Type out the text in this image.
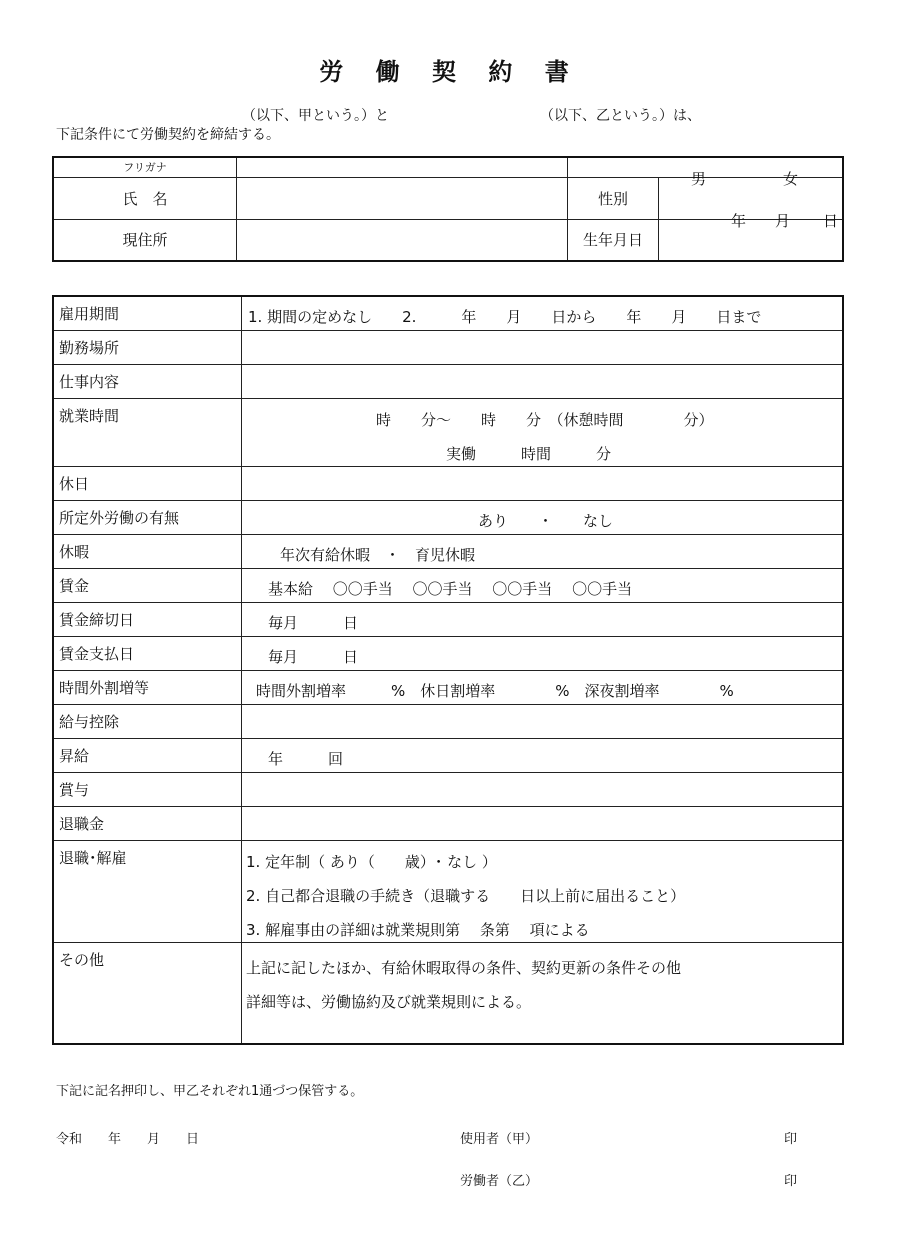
労 働 契 約 書
（以下、甲という。）と	（以下、乙という。）は、
下記条件にて労働契約を締結する。
フリガナ			
氏　名		性別	男 女

現住所		生年月日	年 月 日
雇用期間	1. 期間の定めなし　　2.　　　年　　月　　日から　　年　　月　　日まで

勤務場所	
仕事内容	
就業時間	時　　分～　　時　　分　（休憩時間　　　　分）
実働　　　時間　　　分

休日	
所定外労働の有無	あり　　・　　なし

休暇	年次有給休暇　・　育児休暇

賃金	基本給　 〇〇手当　 〇〇手当　 〇〇手当　 〇〇手当

賃金締切日	毎月　　　日

賃金支払日	毎月　　　日

時間外割増等	時間外割増率　　　%　休日割増率　　　　%　深夜割増率　　　　%

給与控除	
昇給	年　　　回

賞与	
退職金	
退職･解雇	1. 定年制（ あり（　　歳）･ なし ）
2. 自己都合退職の手続き（退職する　　日以上前に届出ること）
3. 解雇事由の詳細は就業規則第　 条第　 項による

その他	上記に記したほか、有給休暇取得の条件、契約更新の条件その他
詳細等は、労働協約及び就業規則による。
下記に記名押印し、甲乙それぞれ1通づつ保管する。
令和　　年　　月　　日	使用者（甲）	印
労働者（乙）	印
